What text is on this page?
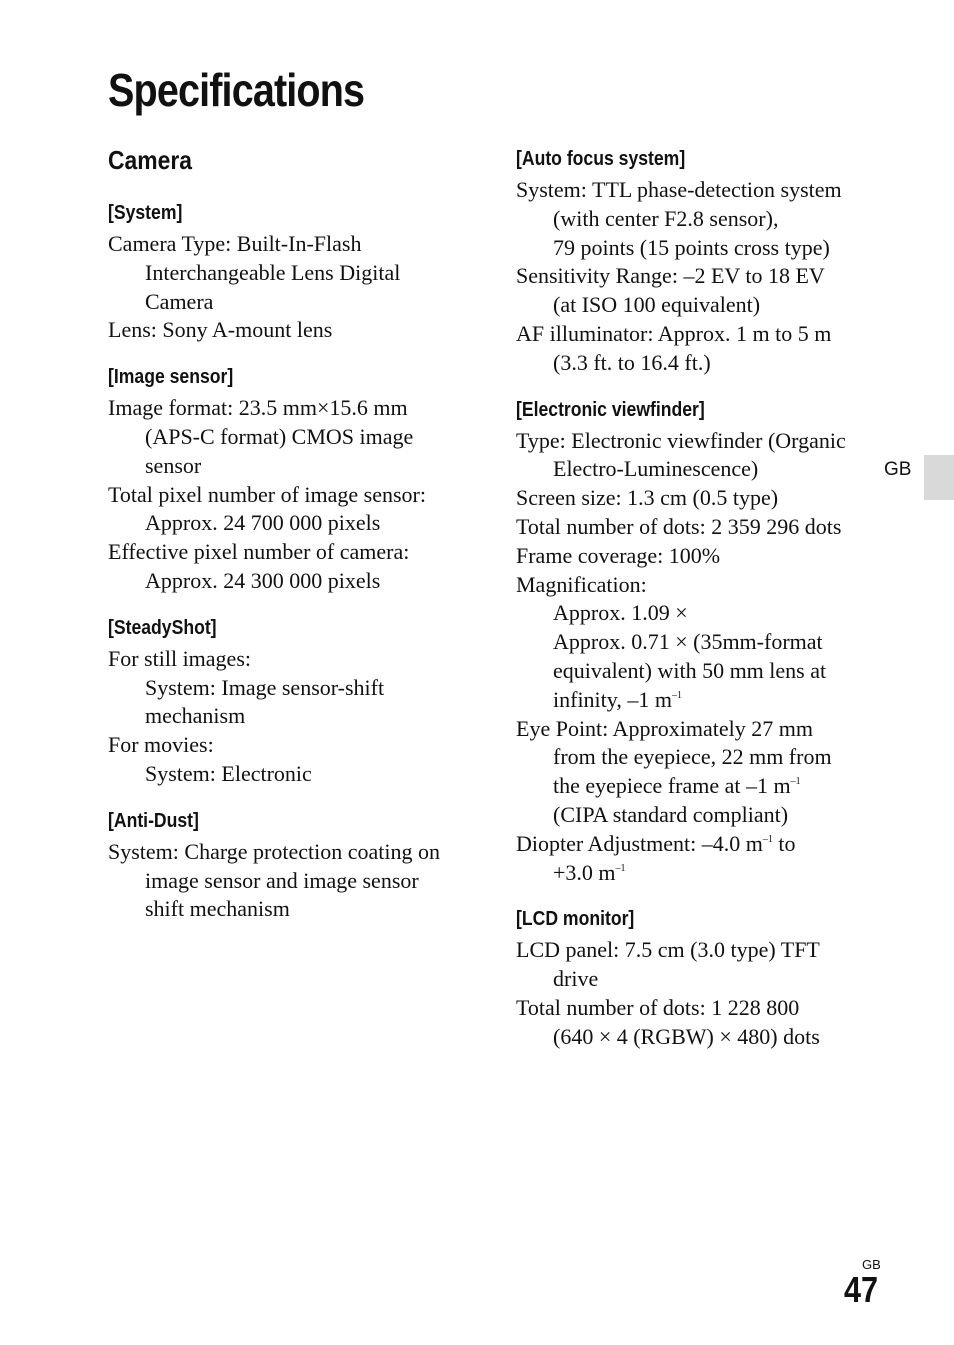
Specifications
Camera
[System]
Camera Type: Built-In-Flash
Interchangeable Lens Digital
Camera
Lens: Sony A-mount lens
[Image sensor]
Image format: 23.5 mm×15.6 mm
(APS-C format) CMOS image
sensor
Total pixel number of image sensor:
Approx. 24 700 000 pixels
Effective pixel number of camera:
Approx. 24 300 000 pixels
[SteadyShot]
For still images:
System: Image sensor-shift
mechanism
For movies:
System: Electronic
[Anti-Dust]
System: Charge protection coating on
image sensor and image sensor
shift mechanism
[Auto focus system]
System: TTL phase-detection system
(with center F2.8 sensor),
79 points (15 points cross type)
Sensitivity Range: –2 EV to 18 EV
(at ISO 100 equivalent)
AF illuminator: Approx. 1 m to 5 m
(3.3 ft. to 16.4 ft.)
[Electronic viewfinder]
Type: Electronic viewfinder (Organic
Electro-Luminescence)
Screen size: 1.3 cm (0.5 type)
Total number of dots: 2 359 296 dots
Frame coverage: 100%
Magnification:
Approx. 1.09 ×
Approx. 0.71 × (35mm-format
equivalent) with 50 mm lens at
infinity, –1 $m^{-1}$
Eye Point: Approximately 27 mm
from the eyepiece, 22 mm from
the eyepiece frame at –1 $m^{-1}$
(CIPA standard compliant)
Diopter Adjustment: –4.0 $m^{-1}$ to
+3.0 $m^{-1}$
[LCD monitor]
LCD panel: 7.5 cm (3.0 type) TFT
drive
Total number of dots: 1 228 800
(640 × 4 (RGBW) × 480) dots
GB
GB
47
